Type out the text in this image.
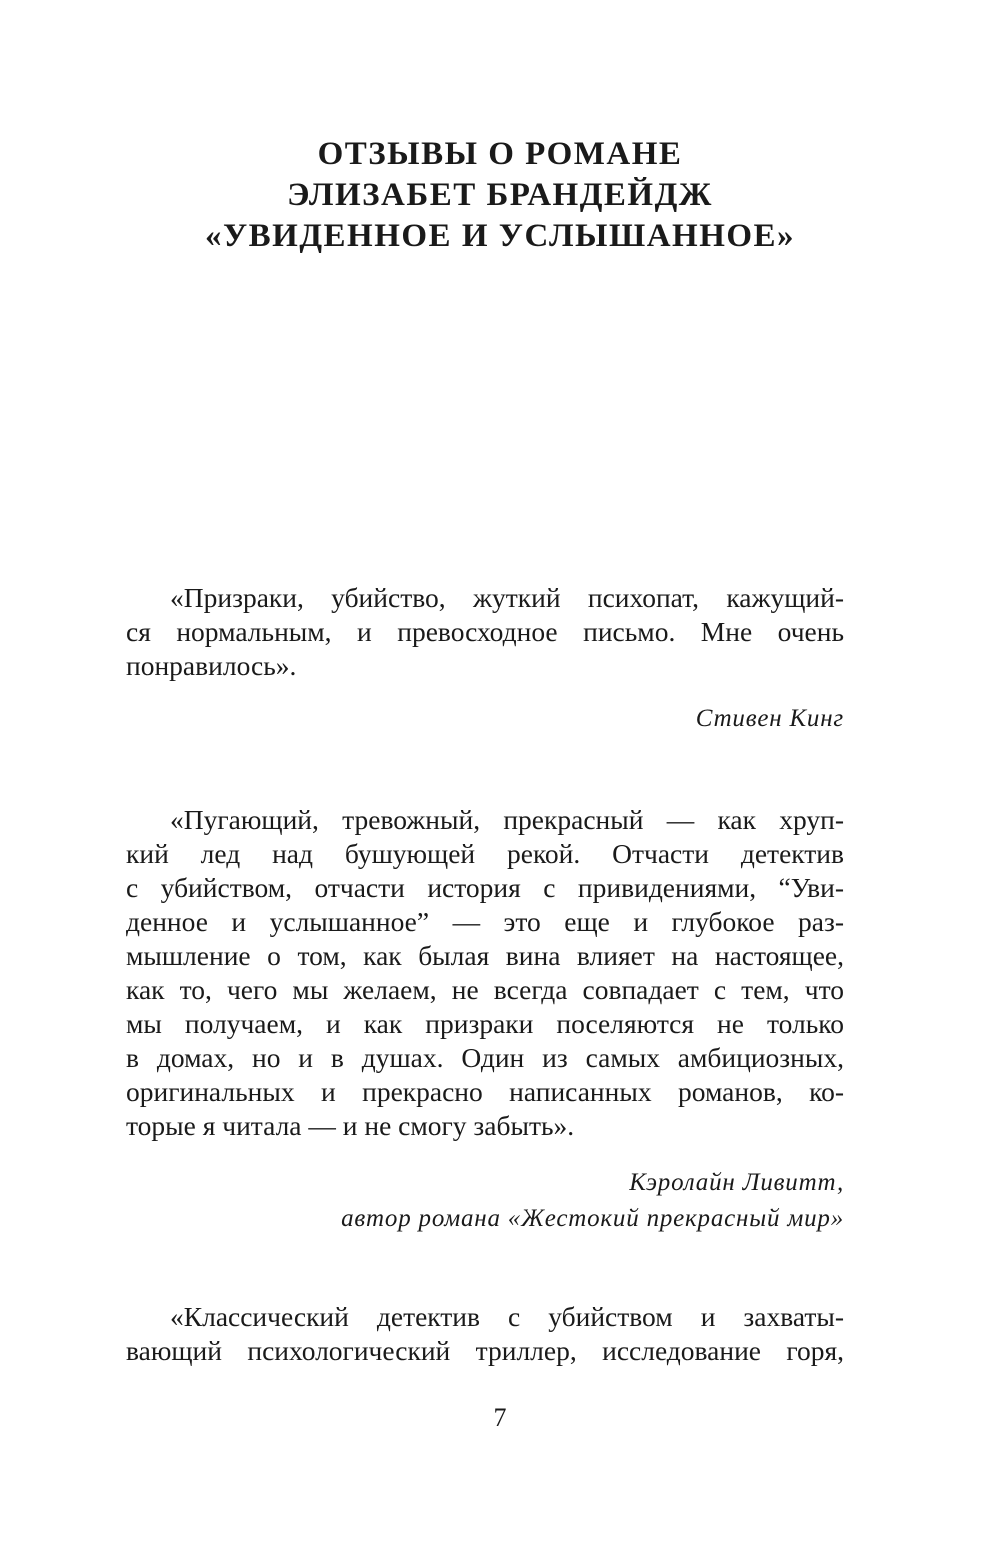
ОТЗЫВЫ О РОМАНЕ
ЭЛИЗАБЕТ БРАНДЕЙДЖ
«УВИДЕННОЕ И УСЛЫШАННОЕ»

«Призраки, убийство, жуткий психопат, кажущий-
ся нормальным, и превосходное письмо. Мне очень
понравилось».

Стивен Кинг

«Пугающий, тревожный, прекрасный — как хруп-
кий лед над бушующей рекой. Отчасти детектив
с убийством, отчасти история с привидениями, “Уви-
денное и услышанное” — это еще и глубокое раз-
мышление о том, как былая вина влияет на настоящее,
как то, чего мы желаем, не всегда совпадает с тем, что
мы получаем, и как призраки поселяются не только
в домах, но и в душах. Один из самых амбициозных,
оригинальных и прекрасно написанных романов, ко-
торые я читала — и не смогу забыть».

Кэролайн Ливитт,
автор романа «Жестокий прекрасный мир»

«Классический детектив с убийством и захваты-
вающий психологический триллер, исследование горя,

7
